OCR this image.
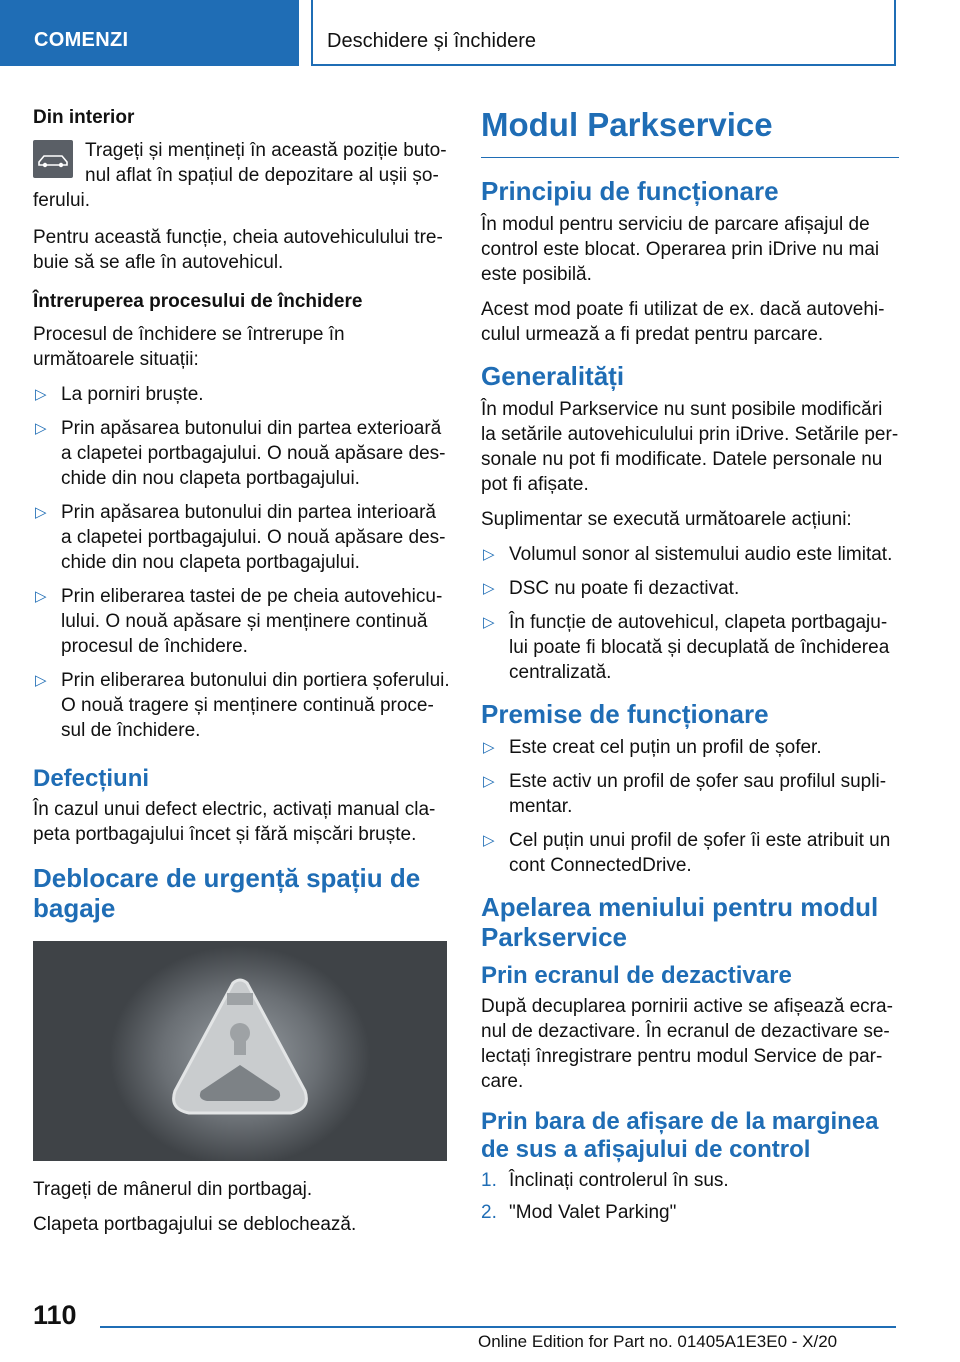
COMENZI	Deschidere și închidere

Din interior

Trageți și mențineți în această poziție buto-
nul aflat în spațiul de depozitare al ușii șo-
ferului.

Pentru această funcție, cheia autovehiculului trebuie să se afle în autovehicul.

Întreruperea procesului de închidere

Procesul de închidere se întrerupe în următoarele situații:

▷ La porniri bruște.
▷ Prin apăsarea butonului din partea exterioară a clapetei portbagajului. O nouă apăsare deschide din nou clapeta portbagajului.
▷ Prin apăsarea butonului din partea interioară a clapetei portbagajului. O nouă apăsare deschide din nou clapeta portbagajului.
▷ Prin eliberarea tastei de pe cheia autovehiculului. O nouă apăsare și menținere continuă procesul de închidere.
▷ Prin eliberarea butonului din portiera șoferului. O nouă tragere și menținere continuă procesul de închidere.
Defecțiuni

În cazul unui defect electric, activați manual clapeta portbagajului încet și fără mișcări bruște.

Deblocare de urgență spațiu de bagaje

Trageți de mânerul din portbagaj.

Clapeta portbagajului se deblochează.

Modul Parkservice
Principiu de funcționare

În modul pentru serviciu de parcare afișajul de control este blocat. Operarea prin iDrive nu mai este posibilă.

Acest mod poate fi utilizat de ex. dacă autovehiculul urmează a fi predat pentru parcare.

Generalități

În modul Parkservice nu sunt posibile modificări la setările autovehiculului prin iDrive. Setările personale nu pot fi modificate. Datele personale nu pot fi afișate.

Suplimentar se execută următoarele acțiuni:

▷ Volumul sonor al sistemului audio este limitat.
▷ DSC nu poate fi dezactivat.
▷ În funcție de autovehicul, clapeta portbagajului poate fi blocată și decuplată de închiderea centralizată.
Premise de funcționare
▷ Este creat cel puțin un profil de șofer.
▷ Este activ un profil de șofer sau profilul suplimentar.
▷ Cel puțin unui profil de șofer îi este atribuit un cont ConnectedDrive.
Apelarea meniului pentru modul Parkservice
Prin ecranul de dezactivare

După decuplarea pornirii active se afișează ecranul de dezactivare. În ecranul de dezactivare selectați înregistrare pentru modul Service de parcare.

Prin bara de afișare de la marginea de sus a afișajului de control
1. Înclinați controlerul în sus.
2. "Mod Valet Parking"
110
Online Edition for Part no. 01405A1E3E0 - X/20
